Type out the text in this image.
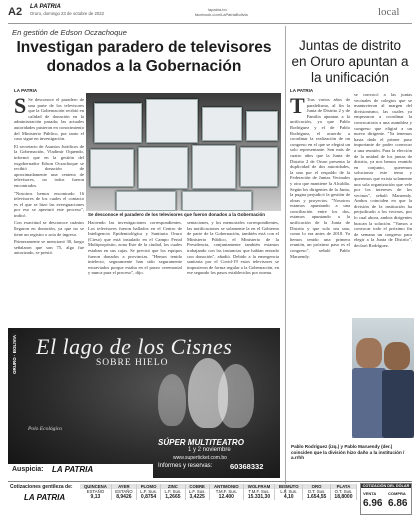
A2 LA PATRIA
Oruro, domingo 23 de octubre de 2022
lapatria.bo
facebook.com/LaPatriaBolivia	local
En gestión de Edson Oczachoque
Investigan paradero de televisores donados a la Gobernación
LA PATRIA

S Se desconoce el paradero de una parte de los televisores que la Gobernación recibió en calidad de donación en la administración pasada; las actuales autoridades pusieron en conocimiento del Ministerio Público, por tanto el caso sigue en investigación.

El secretario de Asuntos Jurídicos de la Gobernación, Vladimir Oquendo, informó que en la gestión del exgobernador Edson Oczachoque se recibió donación de aproximadamente una centena de televisores, no todos fueron encontrados.

"Nosotros hemos encontrado 16 televisores de los cuales el contacto es el que se hizo las averiguaciones por eso se aperturó este proceso", indicó.

Con exactitud se desconoce cuántos llegaron en donación, ya que no se tiene un registro o acta de ingreso.

Primeramente se mencionó 30, luego señalaron que son 75, algo fue autorizado, se prestó.

Se desconoce el paradero de los televisores que fueron donados a la Gobernación
Haciendo las investigaciones correspondientes. Los televisores fueron hallados en el Centro de Inteligencia Epidemiológica y Sanitaria Oruro (Cieso) que está instalado en el Campo Ferial Multipropósito, zona Este de la ciudad, los cuales estaban en sus cajas. Se precisó que los equipos fueron donados a provincias. "Hemos tenido intelecto, seguramente han sido seguramente extraviados porque estaba en el paseo ceremonial y nunca para el proceso", dijo.
sentaciones, y los memoriales correspondientes, las notificaciones se solamente la en el Gobierno de parte de la Gobernación, también está con el Ministerio Público, el Ministerio de la Presidencia, conjuntamente también estamos trabajando con las instancias que habían entrado con donación", añadió. Debido a la emergencia sanitaria por el Covid-19 estos televisores se impusieron de forma regular a la Gobernación, en ese segundo los pasos establecidos por norma.
Juntas de distrito en Oruro apuntan a la unificación
LA PATRIA

T Tras varios años de paralelismo, al fin la Junta de Distrito 2 y de Familia apuntan a la unificación, ya que Pablo Rodríguez y el de Pablo Rodríguez, el acuerdo a coordinar la realización de un congreso en el que se elegirá un solo representante. Son más de cuatro años que la Junta de Distrito 2 de Oruro presenta la duplicidad de dos autoridades, la una por el respaldo de la Federación de Juntas Vecinales y otra que mantiene la Alcaldía. Según los dirigentes de la Junta, la pugna perjudicó la gestión de obras y proyectos. "Nosotros estamos apuntando a una conciliación entre los dos, estamos apuntando a la unificación de la Junta de Distrito y que solo sea una, como lo era antes de 2018. Ya hemos tenido una primera reunión, un próximo paso es el congreso", señaló Pablo Maruendy.

se convocó a las juntas vecinales de colegios que se mantuvieron al margen del divisionismo, las cuales ya empezaron a coordinar la convocatoria a una asamblea y congreso que eligirá a un nuevo dirigente. "Ya tenemos hasta dado el primer paso importante de poder convocar a una reunión. Para la elección de la unidad de los juntas de distrito, ya nos hemos reunido en conjunto, queremos solucionar este tema y queremos que exista solamente una sola organización que vele por los intereses de los vecinos", señaló Maruendy. Ambos coinciden en que la división de la institución ha perjudicado a los vecinos, por lo cual ahora, ambos dirigentes buscan la solución. "Vamos a convocar todo el próximo fin de semana un congreso para elegir a la Junta de Distrito", declaró Rodríguez.
Pablo Rodríguez (izq.) y Pablo Maruendy (der.) coinciden que la división hizo daño a la institución / a.rrhh
ORURO · BOLIVIA El lago de los Cisnes
SOBRE HIELO
Polo Ecológico
SÚPER MULTITEATRO
1 y 2 noviembre
www.superticket.com.bo
Informes y reservas: 60368332
Auspicia: LA PATRIA
Cotizaciones gentileza de:
LA PATRIA
QUINCENA	AYER	PLOMO	ZINC	COBRE	ANTIMONIO	WOLFRAM	BISMUTO	ORO	PLATA
ESTAÑO	ESTAÑO	L.F. Sus.	L.F. Sus.	L.F. Sus.	T.M.F. Sus.	T.M.F. Sus.	L.F. Sus.	O.T. Sus.	O.T. Sus.
9,13	8,9426	0,8754	1,2665	3,4225	12.400	15.331,30	4,10	1.654,55	18,8000
COTIZACIÓN DEL DÓLAR
VENTA	COMPRA
6.96 6.86
